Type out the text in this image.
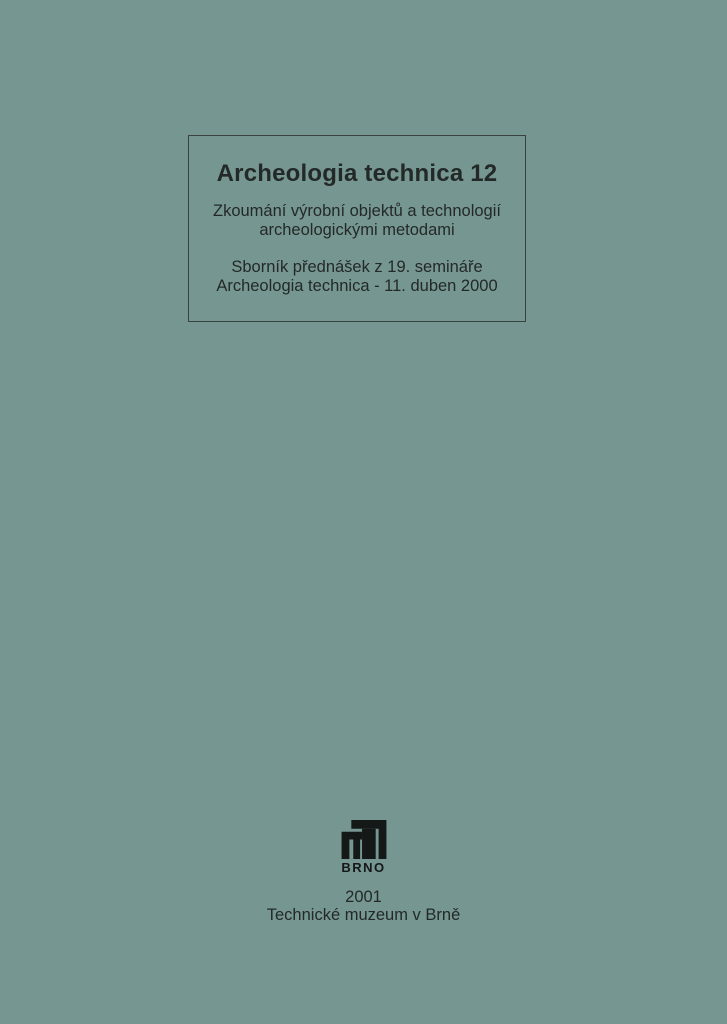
Archeologia technica 12

Zkoumání výrobní objektů a technologií
archeologickými metodami

Sborník přednášek z 19. semináře
Archeologia technica - 11. duben 2000

BRNO
2001
Technické muzeum v Brně
